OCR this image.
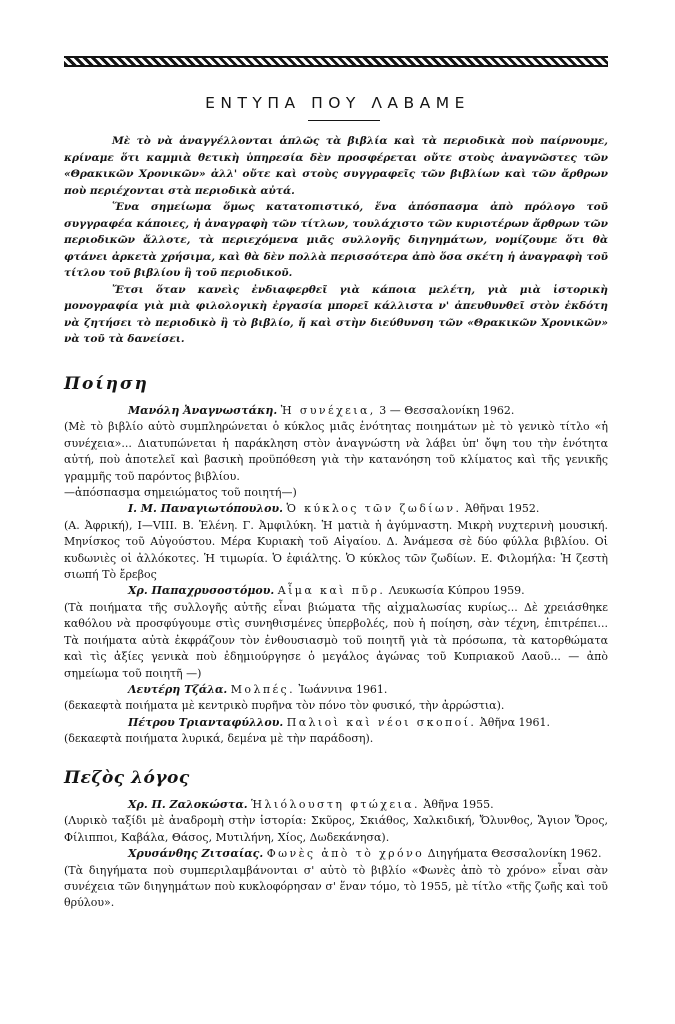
ΕΝΤΥΠΑ ΠΟΥ ΛΑΒΑΜΕ

Μὲ τὸ νὰ ἀναγγέλλονται ἁπλῶς τὰ βιβλία καὶ τὰ περιοδικὰ ποὺ παίρνουμε, κρίναμε ὅτι καμμιὰ θετικὴ ὑπηρεσία δὲν προσφέρεται οὔτε στοὺς ἀναγνῶστες τῶν «Θρακικῶν Χρονικῶν» ἀλλ' οὔτε καὶ στοὺς συγγραφεῖς τῶν βιβλίων καὶ τῶν ἄρθρων ποὺ περιέχονται στὰ περιοδικὰ αὐτά.

Ἕνα σημείωμα ὅμως κατατοπιστικό, ἕνα ἀπόσπασμα ἀπὸ πρόλογο τοῦ συγγραφέα κάποιες, ἡ ἀναγραφὴ τῶν τίτλων, τουλάχιστο τῶν κυριοτέρων ἄρθρων τῶν περιοδικῶν ἄλλοτε, τὰ περιεχόμενα μιᾶς συλλογῆς διηγημάτων, νομίζουμε ὅτι θὰ φτάνει ἀρκετὰ χρήσιμα, καὶ θὰ δὲν πολλὰ περισσότερα ἀπὸ ὅσα σκέτη ἡ ἀναγραφὴ τοῦ τίτλου τοῦ βιβλίου ἢ τοῦ περιοδικοῦ.

Ἔτσι ὅταν κανεὶς ἐνδιαφερθεῖ γιὰ κάποια μελέτη, γιὰ μιὰ ἱστορικὴ μονογραφία γιὰ μιὰ φιλολογικὴ ἐργασία μπορεῖ κάλλιστα ν' ἀπευθυνθεῖ στὸν ἐκδότη νὰ ζητήσει τὸ περιοδικὸ ἢ τὸ βιβλίο, ἤ καὶ στὴν διεύθυνση τῶν «Θρακικῶν Χρονικῶν» νὰ τοῦ τὰ δανείσει.

Ποίηση
Μανόλη Ἀναγνωστάκη. Ἡ συνέχεια, 3 — Θεσσαλονίκη 1962.

(Μὲ τὸ βιβλίο αὐτὸ συμπληρώνεται ὁ κύκλος μιᾶς ἑνότητας ποιημάτων μὲ τὸ γενικὸ τίτλο «ἡ συνέχεια»... Διατυπώνεται ἡ παράκληση στὸν ἀναγνώστη νὰ λάβει ὑπ' ὄψη του τὴν ἑνότητα αὐτή, ποὺ ἀποτελεῖ καὶ βασικὴ προϋπόθεση γιὰ τὴν κατανόηση τοῦ κλίματος καὶ τῆς γενικῆς γραμμῆς τοῦ παρόντος βιβλίου.
—ἀπόσπασμα σημειώματος τοῦ ποιητή—)

Ι. Μ. Παναγιωτόπουλου. Ὁ κύκλος τῶν ζωδίων. Ἀθῆναι 1952.

(Α. Ἀφρική), I—VIII. Β. Ἑλένη. Γ. Ἀμφιλύκη. Ἡ ματιὰ ἡ ἀγύμναστη. Μικρὴ νυχτερινὴ μουσική. Μηνίσκος τοῦ Αὐγούστου. Μέρα Κυριακὴ τοῦ Αἰγαίου. Δ. Ἀνάμεσα σὲ δύο φύλλα βιβλίου. Οἱ κυδωνιὲς οἱ ἀλλόκοτες. Ἡ τιμωρία. Ὁ ἐφιάλτης. Ὁ κύκλος τῶν ζωδίων. Ε. Φιλομήλα: Ἡ ζεστὴ σιωπή Τὸ ἔρεβος

Χρ. Παπαχρυσοστόμου. Αἷμα καὶ πῦρ. Λευκωσία Κύπρου 1959.

(Τὰ ποιήματα τῆς συλλογῆς αὐτῆς εἶναι βιώματα τῆς αἰχμαλωσίας κυρίως... Δὲ χρειάσθηκε καθόλου νὰ προσφύγουμε στὶς συνηθισμένες ὑπερβολές, ποὺ ἡ ποίηση, σὰν τέχνη, ἐπιτρέπει... Τὰ ποιήματα αὐτὰ ἐκφράζουν τὸν ἐνθουσιασμὸ τοῦ ποιητῆ γιὰ τὰ πρόσωπα, τὰ κατορθώματα καὶ τὶς ἀξίες γενικὰ ποὺ ἐδημιούργησε ὁ μεγάλος ἀγώνας τοῦ Κυπριακοῦ Λαοῦ... — ἀπὸ σημείωμα τοῦ ποιητῆ —)

Λευτέρη Τζάλα. Μολπές. Ἰωάννινα 1961.

(δεκαεφτὰ ποιήματα μὲ κεντρικὸ πυρῆνα τὸν πόνο τὸν φυσικό, τὴν ἀρρώστια).

Πέτρου Τριανταφύλλου. Παλιοὶ καὶ νέοι σκοποί. Ἀθῆνα 1961.

(δεκαεφτὰ ποιήματα λυρικά, δεμένα μὲ τὴν παράδοση).

Πεζὸς λόγος
Χρ. Π. Ζαλοκώστα. Ἡλιόλουστη φτώχεια. Ἀθῆνα 1955.

(Λυρικὸ ταξίδι μὲ ἀναδρομὴ στὴν ἱστορία: Σκῦρος, Σκιάθος, Χαλκιδική, Ὄλυνθος, Ἅγιον Ὄρος, Φίλιπποι, Καβάλα, Θάσος, Μυτιλήνη, Χίος, Δωδεκάνησα).

Χρυσάνθης Ζιτσαίας. Φωνὲς ἀπὸ τὸ χρόνο Διηγήματα Θεσσαλονίκη 1962.

(Τὰ διηγήματα ποὺ συμπεριλαμβάνονται σ' αὐτὸ τὸ βιβλίο «Φωνὲς ἀπὸ τὸ χρόνο» εἶναι σὰν συνέχεια τῶν διηγημάτων ποὺ κυκλοφόρησαν σ' ἕναν τόμο, τὸ 1955, μὲ τίτλο «τῆς ζωῆς καὶ τοῦ θρύλου».
